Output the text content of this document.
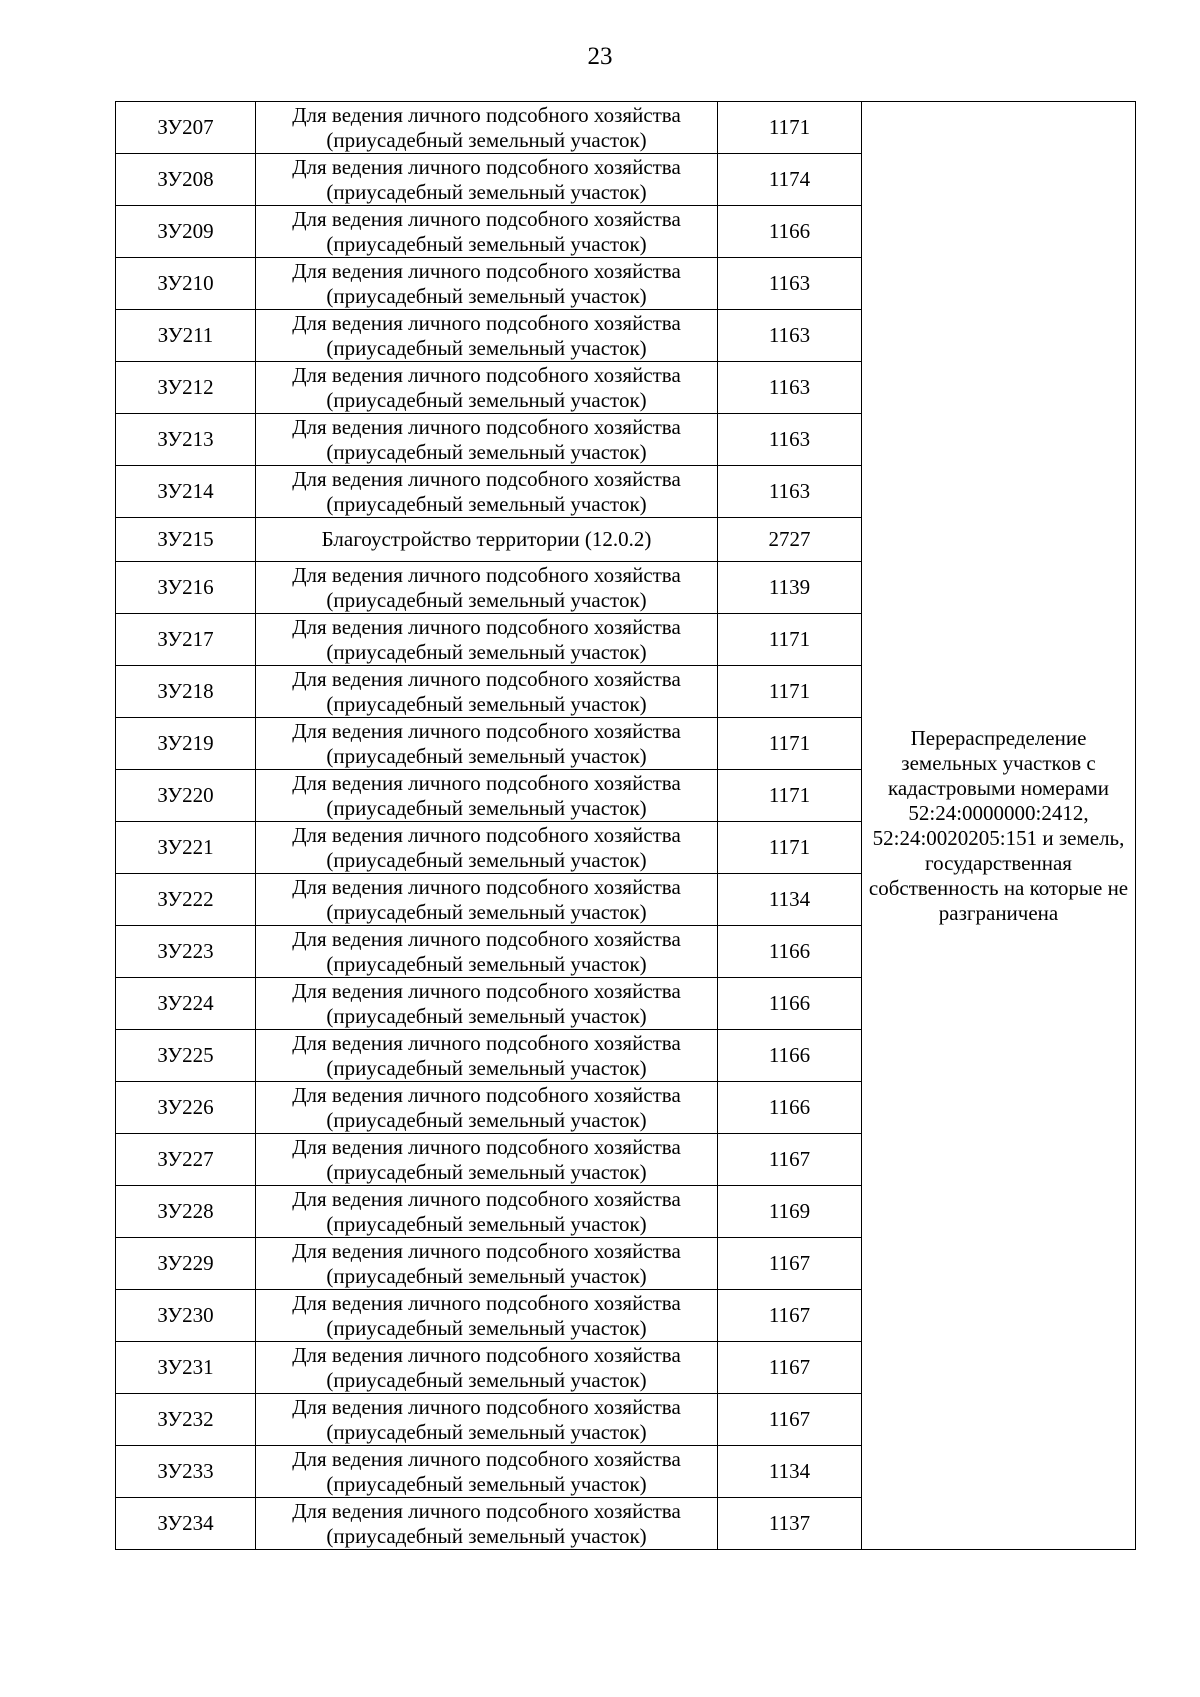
23
ЗУ207	Для ведения личного подсобного хозяйства
(приусадебный земельный участок)	1171	Перераспределение земельных участков с кадастровыми номерами 52:24:0000000:2412, 52:24:0020205:151 и земель, государственная собственность на которые не разграничена
ЗУ208	Для ведения личного подсобного хозяйства
(приусадебный земельный участок)	1174	
ЗУ209	Для ведения личного подсобного хозяйства
(приусадебный земельный участок)	1166	
ЗУ210	Для ведения личного подсобного хозяйства
(приусадебный земельный участок)	1163	
ЗУ211	Для ведения личного подсобного хозяйства
(приусадебный земельный участок)	1163	
ЗУ212	Для ведения личного подсобного хозяйства
(приусадебный земельный участок)	1163	
ЗУ213	Для ведения личного подсобного хозяйства
(приусадебный земельный участок)	1163	
ЗУ214	Для ведения личного подсобного хозяйства
(приусадебный земельный участок)	1163	
ЗУ215	Благоустройство территории (12.0.2)	2727	
ЗУ216	Для ведения личного подсобного хозяйства
(приусадебный земельный участок)	1139	
ЗУ217	Для ведения личного подсобного хозяйства
(приусадебный земельный участок)	1171	
ЗУ218	Для ведения личного подсобного хозяйства
(приусадебный земельный участок)	1171	
ЗУ219	Для ведения личного подсобного хозяйства
(приусадебный земельный участок)	1171	
ЗУ220	Для ведения личного подсобного хозяйства
(приусадебный земельный участок)	1171	
ЗУ221	Для ведения личного подсобного хозяйства
(приусадебный земельный участок)	1171	
ЗУ222	Для ведения личного подсобного хозяйства
(приусадебный земельный участок)	1134	
ЗУ223	Для ведения личного подсобного хозяйства
(приусадебный земельный участок)	1166	
ЗУ224	Для ведения личного подсобного хозяйства
(приусадебный земельный участок)	1166	
ЗУ225	Для ведения личного подсобного хозяйства
(приусадебный земельный участок)	1166	
ЗУ226	Для ведения личного подсобного хозяйства
(приусадебный земельный участок)	1166	
ЗУ227	Для ведения личного подсобного хозяйства
(приусадебный земельный участок)	1167	
ЗУ228	Для ведения личного подсобного хозяйства
(приусадебный земельный участок)	1169	
ЗУ229	Для ведения личного подсобного хозяйства
(приусадебный земельный участок)	1167	
ЗУ230	Для ведения личного подсобного хозяйства
(приусадебный земельный участок)	1167	
ЗУ231	Для ведения личного подсобного хозяйства
(приусадебный земельный участок)	1167	
ЗУ232	Для ведения личного подсобного хозяйства
(приусадебный земельный участок)	1167	
ЗУ233	Для ведения личного подсобного хозяйства
(приусадебный земельный участок)	1134	
ЗУ234	Для ведения личного подсобного хозяйства
(приусадебный земельный участок)	1137	
